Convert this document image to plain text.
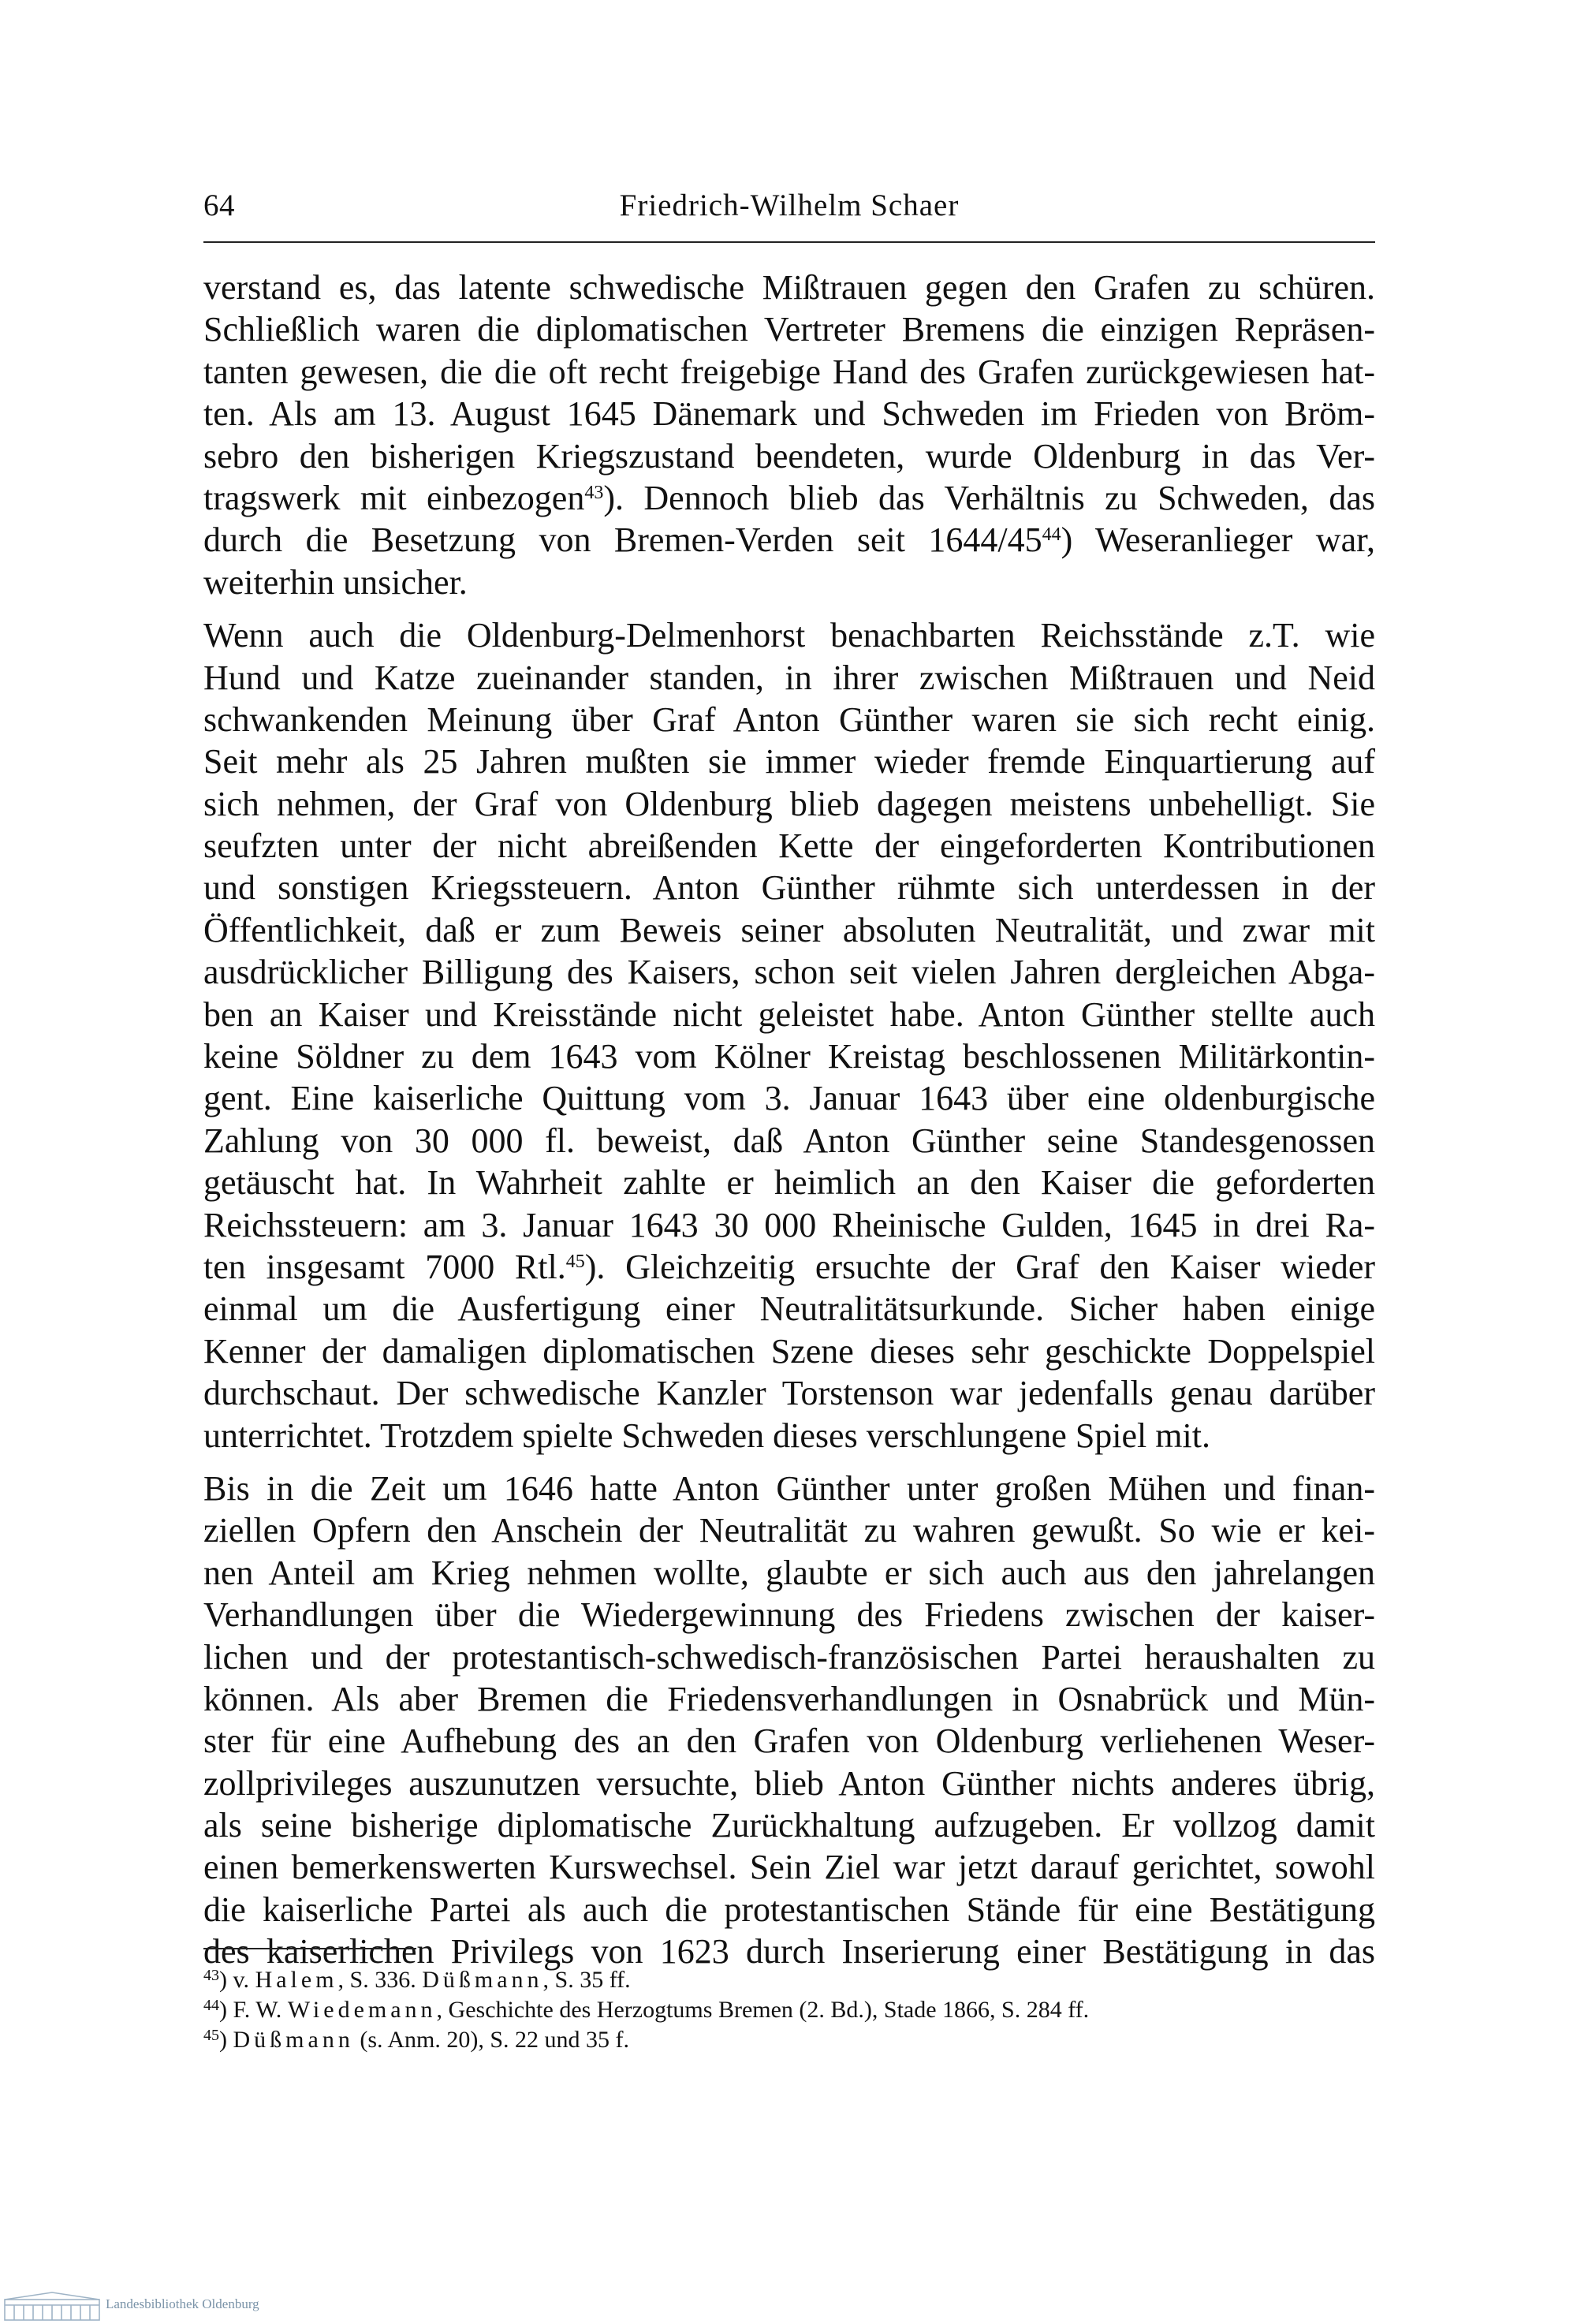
64	Friedrich-Wilhelm Schaer

verstand es, das latente schwedische Mißtrauen gegen den Grafen zu schüren.
Schließlich waren die diplomatischen Vertreter Bremens die einzigen Repräsen-
tanten gewesen, die die oft recht freigebige Hand des Grafen zurückgewiesen hat-
ten. Als am 13. August 1645 Dänemark und Schweden im Frieden von Bröm-
sebro den bisherigen Kriegszustand beendeten, wurde Oldenburg in das Ver-
tragswerk mit einbezogen$^{43}$). Dennoch blieb das Verhältnis zu Schweden, das
durch die Besetzung von Bremen-Verden seit 1644/45$^{44}$) Weseranlieger war,
weiterhin unsicher.

Wenn auch die Oldenburg-Delmenhorst benachbarten Reichsstände z.T. wie
Hund und Katze zueinander standen, in ihrer zwischen Mißtrauen und Neid
schwankenden Meinung über Graf Anton Günther waren sie sich recht einig.
Seit mehr als 25 Jahren mußten sie immer wieder fremde Einquartierung auf
sich nehmen, der Graf von Oldenburg blieb dagegen meistens unbehelligt. Sie
seufzten unter der nicht abreißenden Kette der eingeforderten Kontributionen
und sonstigen Kriegssteuern. Anton Günther rühmte sich unterdessen in der
Öffentlichkeit, daß er zum Beweis seiner absoluten Neutralität, und zwar mit
ausdrücklicher Billigung des Kaisers, schon seit vielen Jahren dergleichen Abga-
ben an Kaiser und Kreisstände nicht geleistet habe. Anton Günther stellte auch
keine Söldner zu dem 1643 vom Kölner Kreistag beschlossenen Militärkontin-
gent. Eine kaiserliche Quittung vom 3. Januar 1643 über eine oldenburgische
Zahlung von 30 000 fl. beweist, daß Anton Günther seine Standesgenossen
getäuscht hat. In Wahrheit zahlte er heimlich an den Kaiser die geforderten
Reichssteuern: am 3. Januar 1643 30 000 Rheinische Gulden, 1645 in drei Ra-
ten insgesamt 7000 Rtl.$^{45}$). Gleichzeitig ersuchte der Graf den Kaiser wieder
einmal um die Ausfertigung einer Neutralitätsurkunde. Sicher haben einige
Kenner der damaligen diplomatischen Szene dieses sehr geschickte Doppelspiel
durchschaut. Der schwedische Kanzler Torstenson war jedenfalls genau darüber
unterrichtet. Trotzdem spielte Schweden dieses verschlungene Spiel mit.

Bis in die Zeit um 1646 hatte Anton Günther unter großen Mühen und finan-
ziellen Opfern den Anschein der Neutralität zu wahren gewußt. So wie er kei-
nen Anteil am Krieg nehmen wollte, glaubte er sich auch aus den jahrelangen
Verhandlungen über die Wiedergewinnung des Friedens zwischen der kaiser-
lichen und der protestantisch-schwedisch-französischen Partei heraushalten zu
können. Als aber Bremen die Friedensverhandlungen in Osnabrück und Mün-
ster für eine Aufhebung des an den Grafen von Oldenburg verliehenen Weser-
zollprivileges auszunutzen versuchte, blieb Anton Günther nichts anderes übrig,
als seine bisherige diplomatische Zurückhaltung aufzugeben. Er vollzog damit
einen bemerkenswerten Kurswechsel. Sein Ziel war jetzt darauf gerichtet, sowohl
die kaiserliche Partei als auch die protestantischen Stände für eine Bestätigung
des kaiserlichen Privilegs von 1623 durch Inserierung einer Bestätigung in das

$^{43}$) v. Halem, S. 336. Düßmann, S. 35 ff.
$^{44}$) F. W. Wiedemann, Geschichte des Herzogtums Bremen (2. Bd.), Stade 1866, S. 284 ff.
$^{45}$) Düßmann (s. Anm. 20), S. 22 und 35 f.
Landesbibliothek Oldenburg
